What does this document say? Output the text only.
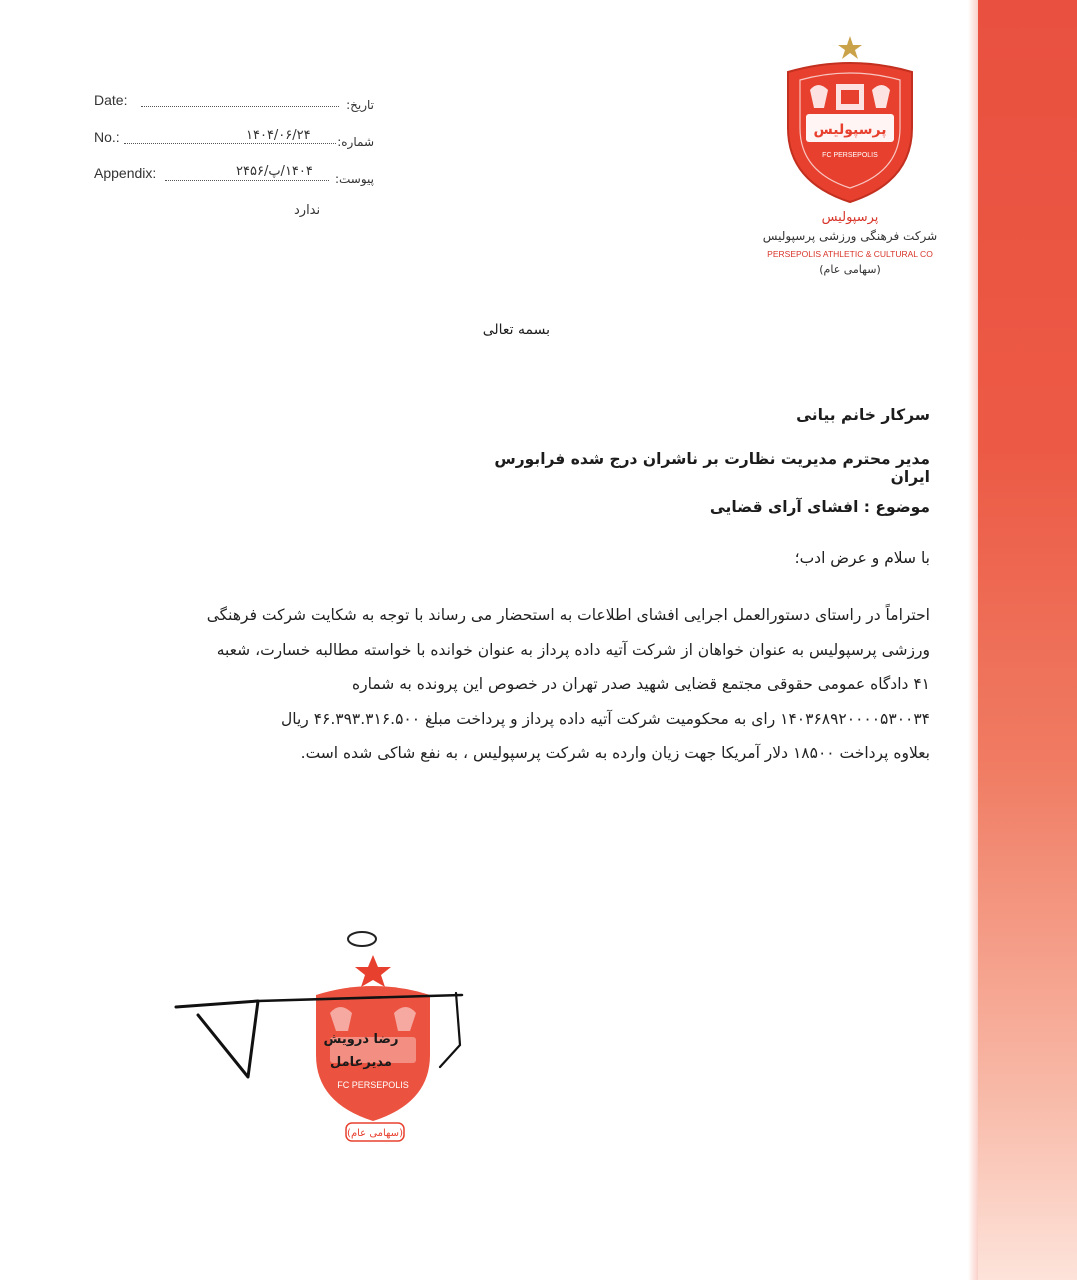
Date:	تاریخ:
No.:	۱۴۰۴/۰۶/۲۴ شماره:
Appendix:	۱۴۰۴/پ/۲۴۵۶ پیوست:
ندارد
پرسپولیس
FC PERSEPOLIS
پرسپولیس
شرکت فرهنگی ورزشی پرسپولیس
PERSEPOLIS ATHLETIC & CULTURAL CO
(سهامی عام)
بسمه تعالی
سرکار خانم بیانی
مدیر محترم مدیریت نظارت بر ناشران درج شده فرابورس ایران
موضوع : افشای آرای قضایی
با سلام و عرض ادب؛
احتراماً در راستای دستورالعمل اجرایی افشای اطلاعات به استحضار می رساند با توجه به شکایت شرکت فرهنگی
ورزشی پرسپولیس به عنوان خواهان از شرکت آتیه داده پرداز به عنوان خوانده با خواسته مطالبه خسارت، شعبه
۴۱ دادگاه عمومی حقوقی مجتمع قضایی شهید صدر تهران در خصوص این پرونده به شماره
۱۴۰۳۶۸۹۲۰۰۰۰۵۳۰۰۳۴ رای به محکومیت شرکت آتیه داده پرداز و پرداخت مبلغ ۴۶.۳۹۳.۳۱۶.۵۰۰ ریال
بعلاوه پرداخت ۱۸۵۰۰ دلار آمریکا جهت زیان وارده به شرکت پرسپولیس ، به نفع شاکی شده است.
FC PERSEPOLIS
(سهامی عام)
رضا درویش
مدیرعامل
